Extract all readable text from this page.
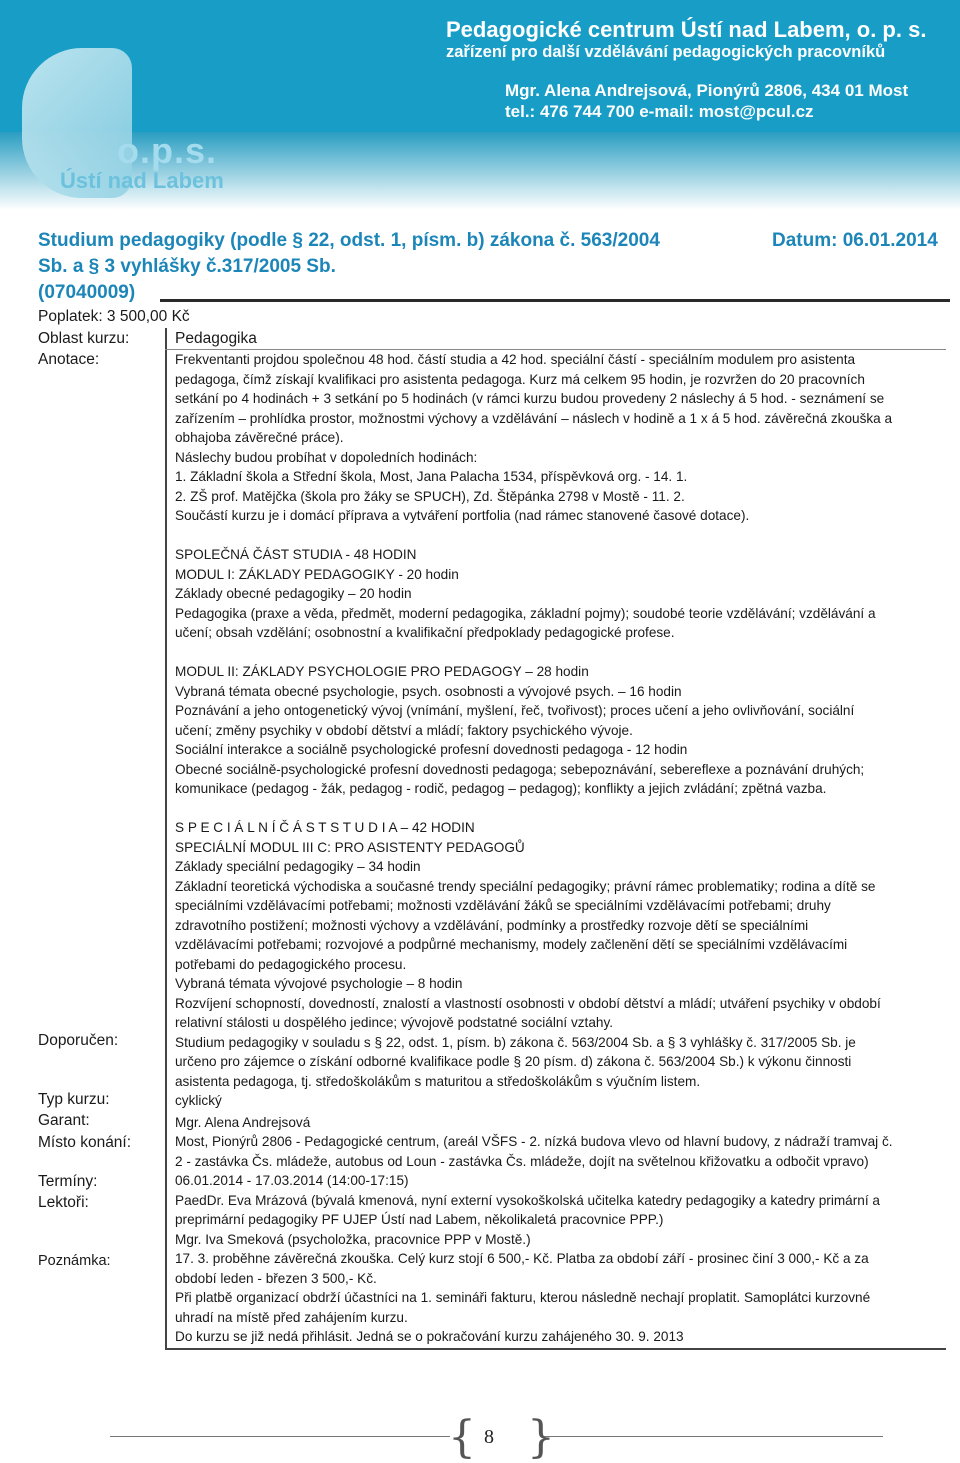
o.p.s.
Ústí nad Labem
Pedagogické centrum Ústí nad Labem, o. p. s.
zařízení pro další vzdělávání pedagogických pracovníků
Mgr. Alena Andrejsová, Pionýrů 2806, 434 01 Most
tel.: 476 744 700 e-mail: most@pcul.cz
Studium pedagogiky (podle § 22, odst. 1, písm. b) zákona č. 563/2004
Sb. a § 3 vyhlášky č.317/2005 Sb.
(07040009)
Datum: 06.01.2014
Poplatek: 3 500,00 Kč
Oblast kurzu:	Pedagogika
Anotace:
Doporučen:
Typ kurzu:
Garant:
Místo konání:
Termíny:
Lektoři:
Poznámka:

Frekventanti projdou společnou 48 hod. částí studia a 42 hod. speciální částí - speciálním modulem pro asistenta

pedagoga, čímž získají kvalifikaci pro asistenta pedagoga. Kurz má celkem 95 hodin, je rozvržen do 20 pracovních

setkání po 4 hodinách + 3 setkání po 5 hodinách (v rámci kurzu budou provedeny 2 náslechy á 5 hod. - seznámení se

zařízením – prohlídka prostor, možnostmi výchovy a vzdělávání – náslech v hodině a 1 x á 5 hod. závěrečná zkouška a

obhajoba závěrečné práce).

Náslechy budou probíhat v dopoledních hodinách:

1. Základní škola a Střední škola, Most, Jana Palacha 1534, příspěvková org. - 14. 1.

2. ZŠ prof. Matějčka (škola pro žáky se SPUCH), Zd. Štěpánka 2798 v Mostě - 11. 2.

Součástí kurzu je i domácí příprava a vytváření portfolia (nad rámec stanovené časové dotace).

SPOLEČNÁ ČÁST STUDIA - 48 HODIN

MODUL I: ZÁKLADY PEDAGOGIKY - 20 hodin

Základy obecné pedagogiky – 20 hodin

Pedagogika (praxe a věda, předmět, moderní pedagogika, základní pojmy); soudobé teorie vzdělávání; vzdělávání a

učení; obsah vzdělání; osobnostní a kvalifikační předpoklady pedagogické profese.

MODUL II: ZÁKLADY PSYCHOLOGIE PRO PEDAGOGY – 28 hodin

Vybraná témata obecné psychologie, psych. osobnosti a vývojové psych. – 16 hodin

Poznávání a jeho ontogenetický vývoj (vnímání, myšlení, řeč, tvořivost); proces učení a jeho ovlivňování, sociální

učení; změny psychiky v období dětství a mládí; faktory psychického vývoje.

Sociální interakce a sociálně psychologické profesní dovednosti pedagoga - 12 hodin

Obecné sociálně-psychologické profesní dovednosti pedagoga; sebepoznávání, sebereflexe a poznávání druhých;

komunikace (pedagog - žák, pedagog - rodič, pedagog – pedagog); konflikty a jejich zvládání; zpětná vazba.

S P E C I Á L N Í Č Á S T S T U D I A – 42 HODIN

SPECIÁLNÍ MODUL III C: PRO ASISTENTY PEDAGOGŮ

Základy speciální pedagogiky – 34 hodin

Základní teoretická východiska a současné trendy speciální pedagogiky; právní rámec problematiky; rodina a dítě se

speciálními vzdělávacími potřebami; možnosti vzdělávání žáků se speciálními vzdělávacími potřebami; druhy

zdravotního postižení; možnosti výchovy a vzdělávání, podmínky a prostředky rozvoje dětí se speciálními

vzdělávacími potřebami; rozvojové a podpůrné mechanismy, modely začlenění dětí se speciálními vzdělávacími

potřebami do pedagogického procesu.

Vybraná témata vývojové psychologie – 8 hodin

Rozvíjení schopností, dovedností, znalostí a vlastností osobnosti v období dětství a mládí; utváření psychiky v období

relativní stálosti u dospělého jedince; vývojově podstatné sociální vztahy.

Studium pedagogiky v souladu s § 22, odst. 1, písm. b) zákona č. 563/2004 Sb. a § 3 vyhlášky č. 317/2005 Sb. je

určeno pro zájemce o získání odborné kvalifikace podle § 20 písm. d) zákona č. 563/2004 Sb.) k výkonu činnosti

asistenta pedagoga, tj. středoškolákům s maturitou a středoškolákům s výučním listem.

cyklický

Mgr. Alena Andrejsová

Most, Pionýrů 2806 - Pedagogické centrum, (areál VŠFS - 2. nízká budova vlevo od hlavní budovy, z nádraží tramvaj č.

2 - zastávka Čs. mládeže, autobus od Loun - zastávka Čs. mládeže, dojít na světelnou křižovatku a odbočit vpravo)

06.01.2014 - 17.03.2014 (14:00-17:15)

PaedDr. Eva Mrázová (bývalá kmenová, nyní externí vysokoškolská učitelka katedry pedagogiky a katedry primární a

preprimární pedagogiky PF UJEP Ústí nad Labem, několikaletá pracovnice PPP.)

Mgr. Iva Smeková (psycholožka, pracovnice PPP v Mostě.)

17. 3. proběhne závěrečná zkouška. Celý kurz stojí 6 500,- Kč. Platba za období září - prosinec činí 3 000,- Kč a za

období leden - březen 3 500,- Kč.

Při platbě organizací obdrží účastníci na 1. semináři fakturu, kterou následně nechají proplatit. Samoplátci kurzovné

uhradí na místě před zahájením kurzu.

Do kurzu se již nedá přihlásit. Jedná se o pokračování kurzu zahájeného 30. 9. 2013

{ }
8
